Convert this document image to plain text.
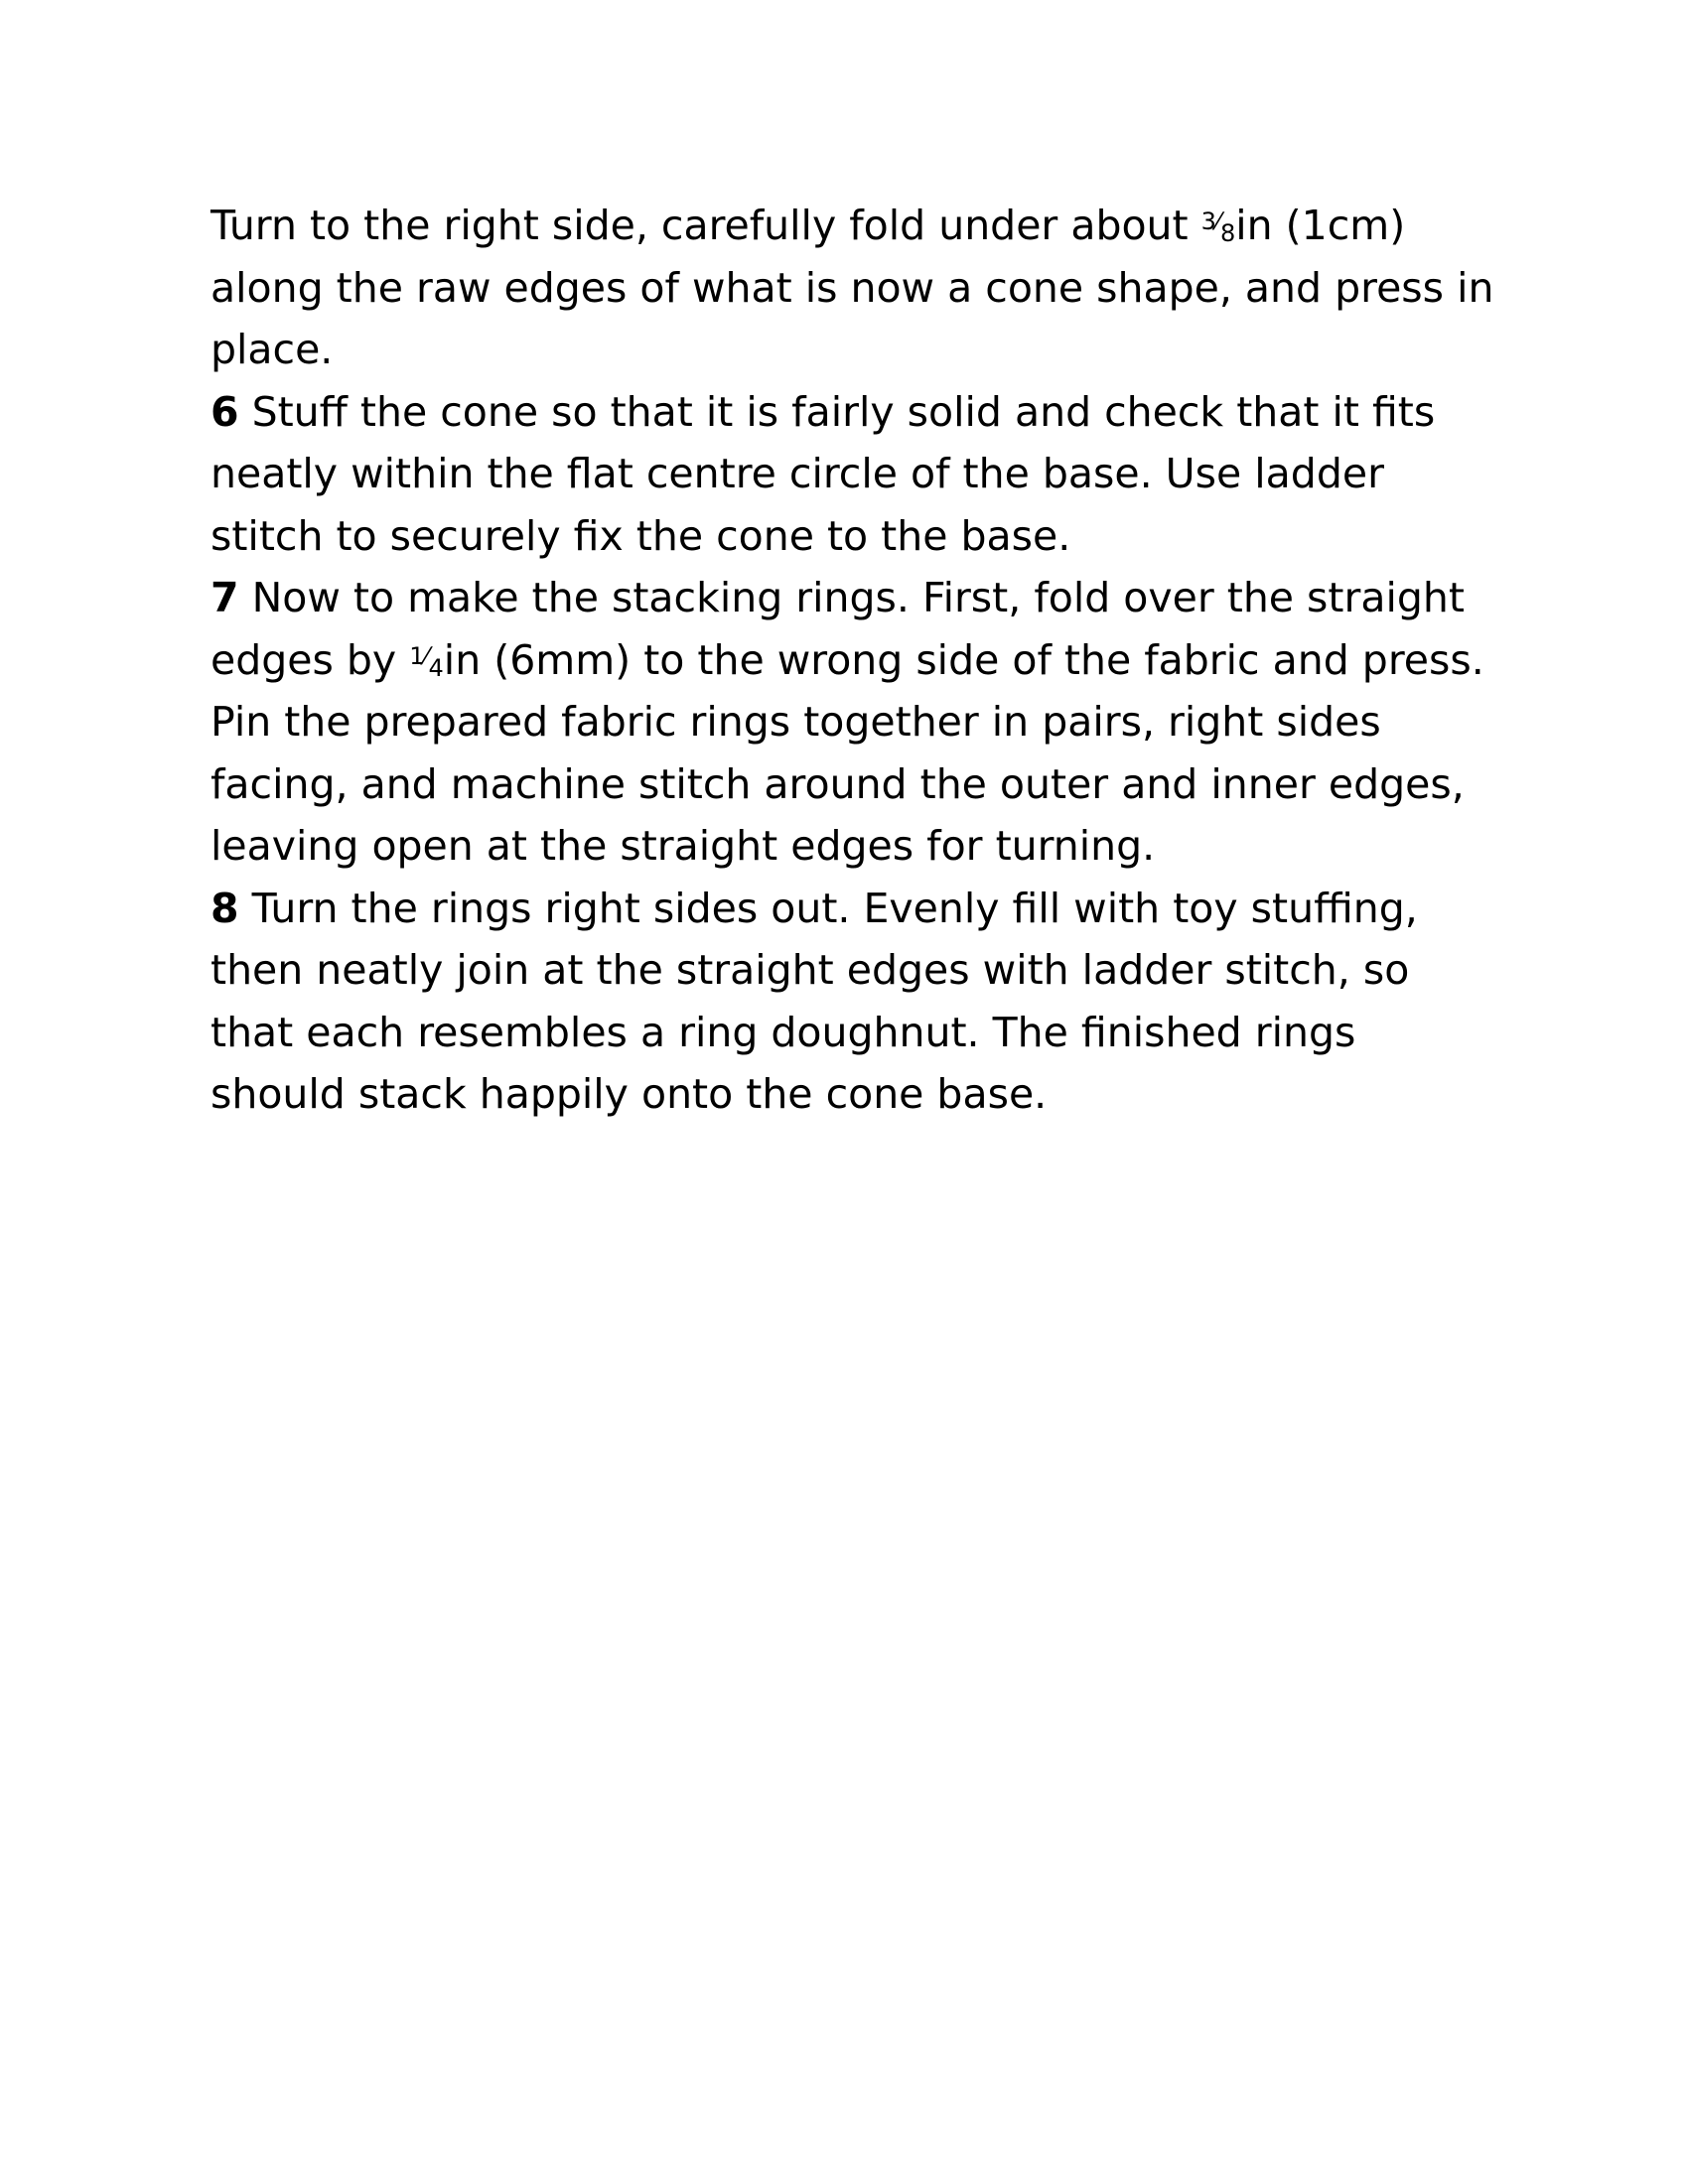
Turn to the right side, carefully fold under about 3⁄8in (1cm) along the raw edges of what is now a cone shape, and press in place.

6 Stuff the cone so that it is fairly solid and check that it fits neatly within the flat centre circle of the base. Use ladder stitch to securely fix the cone to the base.

7 Now to make the stacking rings. First, fold over the straight edges by 1⁄4in (6mm) to the wrong side of the fabric and press. Pin the prepared fabric rings together in pairs, right sides facing, and machine stitch around the outer and inner edges, leaving open at the straight edges for turning.

8 Turn the rings right sides out. Evenly fill with toy stuffing, then neatly join at the straight edges with ladder stitch, so that each resembles a ring doughnut. The finished rings should stack happily onto the cone base.
